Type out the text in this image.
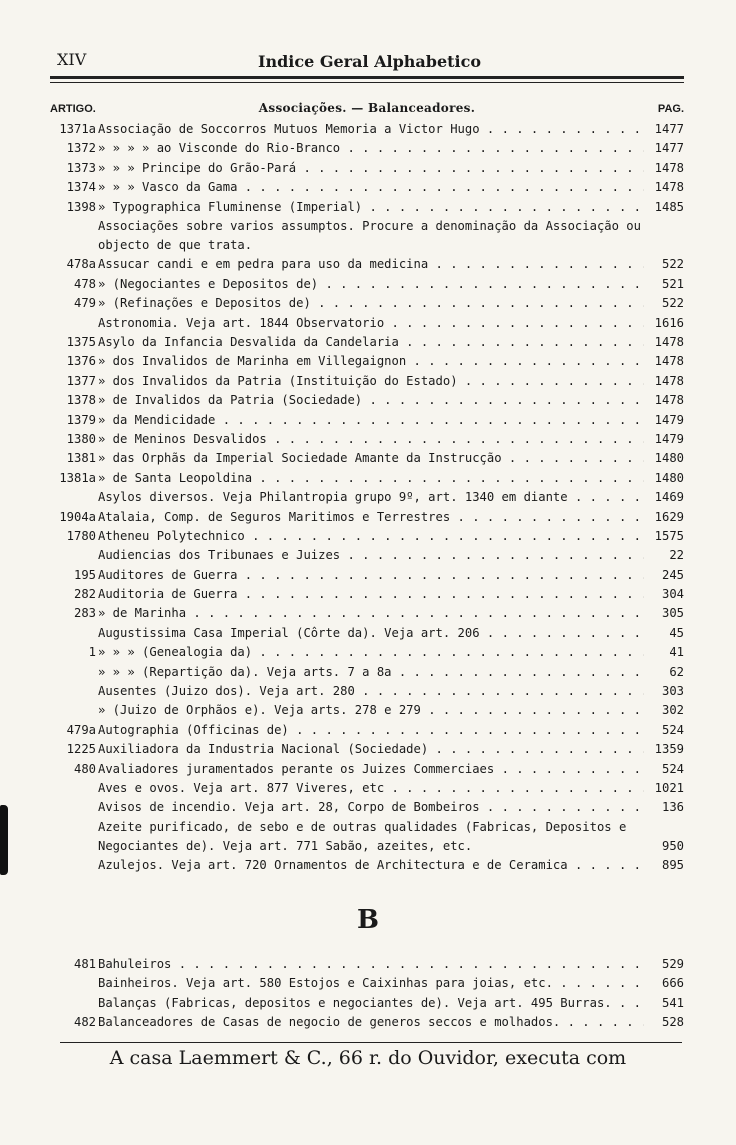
XIV	Indice Geral Alphabetico
ARTIGO.	Associações. — Balanceadores.	PAG.
1371a Associação de Soccorros Mutuos Memoria a Victor Hugo . . .	1477
1372 » » » » ao Visconde do Rio-Branco . . .	1477
1373 » » » Principe do Grão-Pará . . .	1478
1374 » » » Vasco da Gama . . .	1478
1398 » Typographica Fluminense (Imperial) . . .	1485
Associações sobre varios assumptos. Procure a denominação da Associação ou objecto de que trata.
478a Assucar candi e em pedra para uso da medicina . . .	522
478 » (Negociantes e Depositos de) . . .	521
479 » (Refinações e Depositos de) . . .	522
Astronomia. Veja art. 1844 Observatorio . . .	1616
1375 Asylo da Infancia Desvalida da Candelaria . . .	1478
1376 » dos Invalidos de Marinha em Villegaignon . . .	1478
1377 » dos Invalidos da Patria (Instituição do Estado) . . .	1478
1378 » de Invalidos da Patria (Sociedade) . . .	1478
1379 » da Mendicidade . . .	1479
1380 » de Meninos Desvalidos . . .	1479
1381 » das Orphãs da Imperial Sociedade Amante da Instrucção . . .	1480
1381a » de Santa Leopoldina . . .	1480
Asylos diversos. Veja Philantropia grupo 9º, art. 1340 em diante . . .	1469
1904a Atalaia, Comp. de Seguros Maritimos e Terrestres . . .	1629
1780 Atheneu Polytechnico . . .	1575
Audiencias dos Tribunaes e Juizes . . .	22
195 Auditores de Guerra . . .	245
282 Auditoria de Guerra . . .	304
283 » de Marinha . . .	305
Augustissima Casa Imperial (Côrte da). Veja art. 206 . . .	45
1 » » » (Genealogia da) . . .	41
» » » (Repartição da). Veja arts. 7 a 8a . . .	62
Ausentes (Juizo dos). Veja art. 280 . . .	303
» (Juizo de Orphãos e). Veja arts. 278 e 279 . . .	302
479a Autographia (Officinas de) . . .	524
1225 Auxiliadora da Industria Nacional (Sociedade) . . .	1359
480 Avaliadores juramentados perante os Juizes Commerciaes . . .	524
Aves e ovos. Veja art. 877 Viveres, etc . . .	1021
Avisos de incendio. Veja art. 28, Corpo de Bombeiros . . .	136
Azeite purificado, de sebo e de outras qualidades (Fabricas, Depositos e Negociantes de). Veja art. 771 Sabão, azeites, etc.	950
Azulejos. Veja art. 720 Ornamentos de Architectura e de Ceramica . . .	895
B
481 Bahuleiros . . .	529
Bainheiros. Veja art. 580 Estojos e Caixinhas para joias, etc. . . .	666
Balanças (Fabricas, depositos e negociantes de). Veja art. 495 Burras. . . .	541
482 Balanceadores de Casas de negocio de generos seccos e molhados. . . .	528
A casa Laemmert & C., 66 r. do Ouvidor, executa com
